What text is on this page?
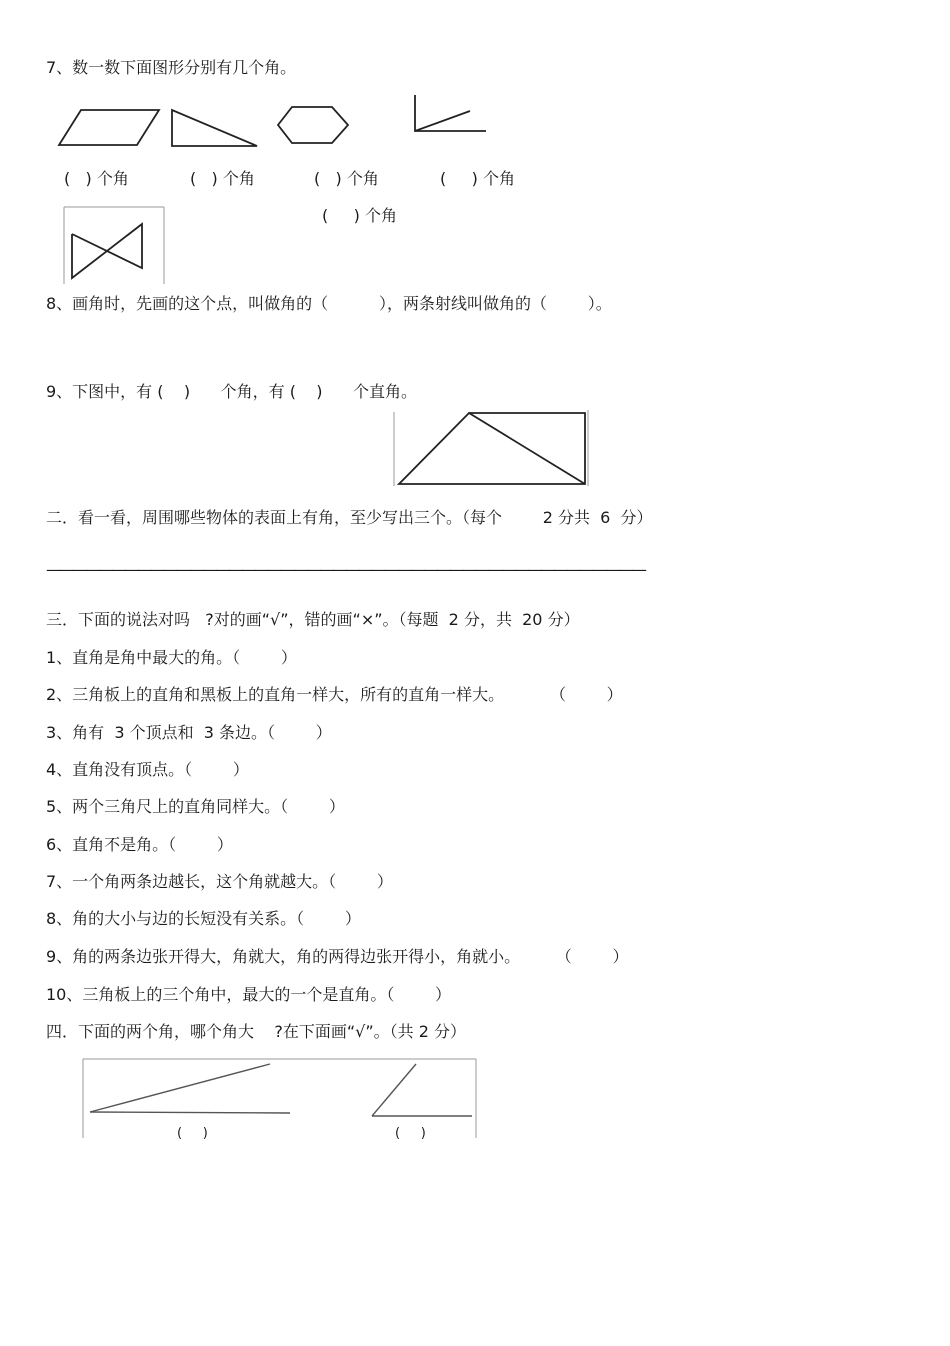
7、数一数下面图形分别有几个角。
(   ) 个角	(   ) 个角	(   ) 个角	(     ) 个角
(     ) 个角
8、画角时，先画的这个点，叫做角的（          ），两条射线叫做角的（        ）。
9、下图中，有 (    )      个角，有 (    )      个直角。
二．看一看，周围哪些物体的表面上有角，至少写出三个。（每个        2 分共  6  分）
——————————————————————————————————————————————
三．下面的说法对吗   ?对的画“√”，错的画“×”。（每题  2 分，共  20 分）
1、直角是角中最大的角。（        ）
2、三角板上的直角和黑板上的直角一样大，所有的直角一样大。         （        ）
3、角有  3 个顶点和  3 条边。（        ）
4、直角没有顶点。（        ）
5、两个三角尺上的直角同样大。（        ）
6、直角不是角。（        ）
7、一个角两条边越长，这个角就越大。（        ）
8、角的大小与边的长短没有关系。（        ）
9、角的两条边张开得大，角就大，角的两得边张开得小，角就小。       （        ）
10、三角板上的三个角中，最大的一个是直角。（        ）
四．下面的两个角，哪个角大    ?在下面画“√”。（共 2 分）
(     )	(     )
